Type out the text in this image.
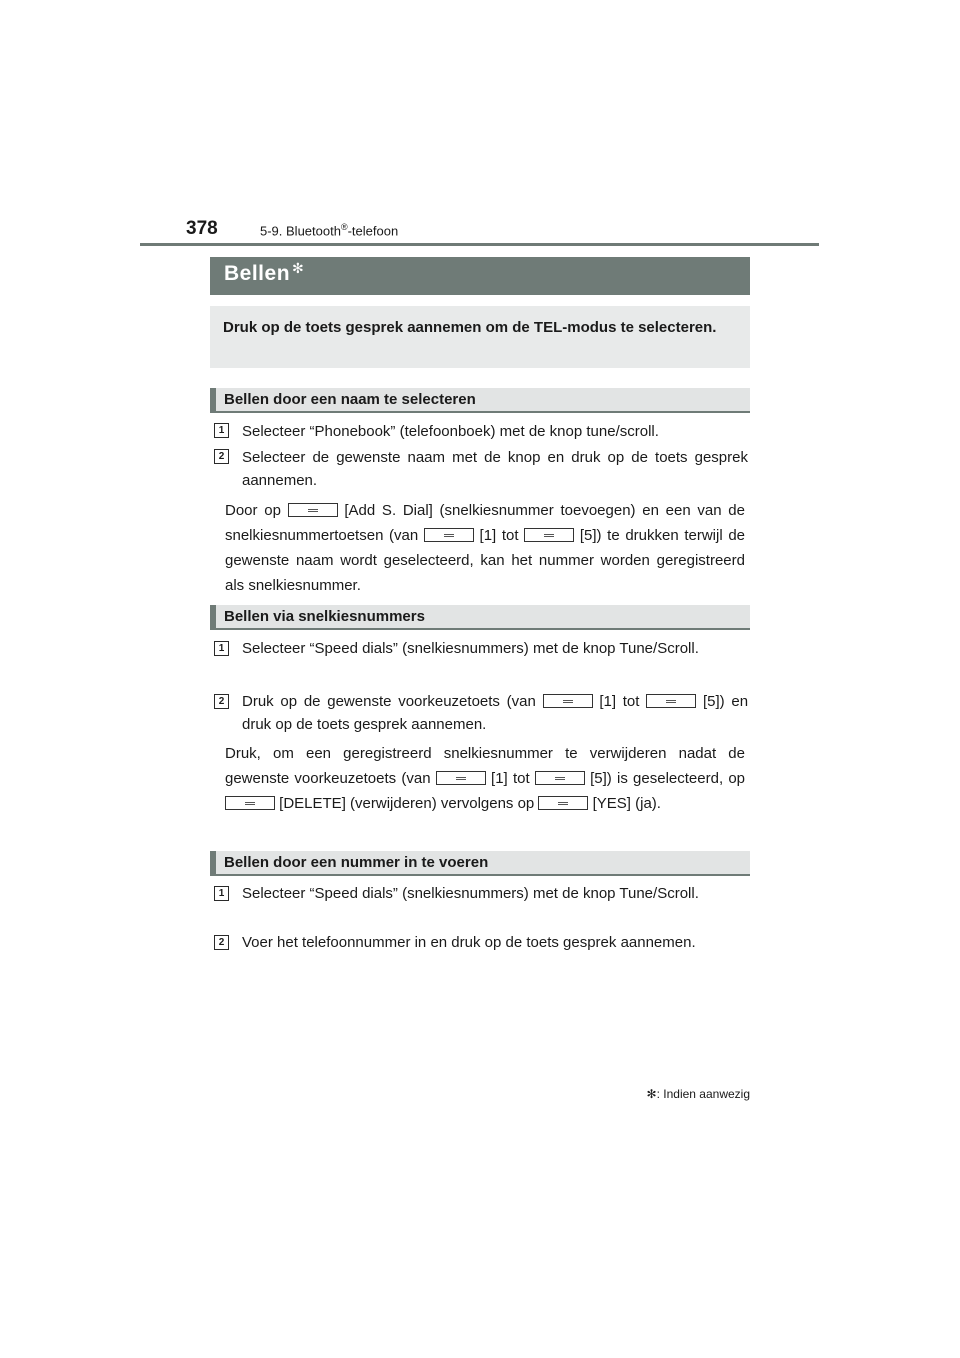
378	5-9. Bluetooth®-telefoon
Bellen ✻
Druk op de toets gesprek aannemen om de TEL-modus te selecteren.
Bellen door een naam te selecteren
1	Selecteer “Phonebook” (telefoonboek) met de knop tune/scroll.
2	Selecteer de gewenste naam met de knop en druk op de toets gesprek aannemen.
Door op	[Add S. Dial] (snelkiesnummer toevoegen) en een van de snelkiesnummertoetsen (van	[1] tot	[5]) te drukken terwijl de gewenste naam wordt geselecteerd, kan het nummer worden geregistreerd als snelkiesnummer.
Bellen via snelkiesnummers
1	Selecteer “Speed dials” (snelkiesnummers) met de knop Tune/Scroll.
2	Druk op de gewenste voorkeuzetoets (van	[1] tot	[5]) en druk op de toets gesprek aannemen.
Druk, om een geregistreerd snelkiesnummer te verwijderen nadat de gewenste voorkeuzetoets (van	[1] tot	[5]) is geselecteerd, op  [DELETE] (verwijderen) vervolgens op	[YES] (ja).
Bellen door een nummer in te voeren
1	Selecteer “Speed dials” (snelkiesnummers) met de knop Tune/Scroll.
2	Voer het telefoonnummer in en druk op de toets gesprek aannemen.
✻: Indien aanwezig
